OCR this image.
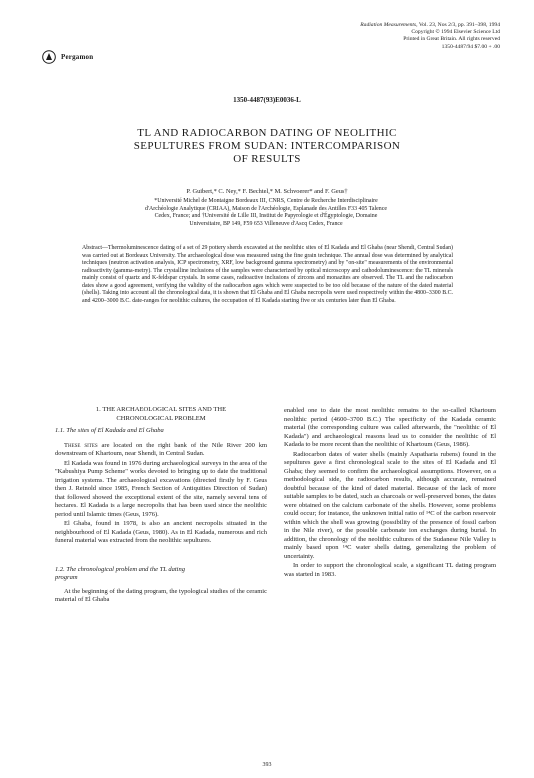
Pergamon
Radiation Measurements, Vol. 23, Nos 2/3, pp. 391–398, 1994
Copyright © 1994 Elsevier Science Ltd
Printed in Great Britain. All rights reserved
1350-4487/94 $7.00 + .00
1350-4487(93)E0036-L
TL AND RADIOCARBON DATING OF NEOLITHIC
SEPULTURES FROM SUDAN: INTERCOMPARISON
OF RESULTS
P. Guibert,* C. Ney,* F. Bechtel,* M. Schvoerer* and F. Geus†
*Université Michel de Montaigne Bordeaux III, CNRS, Centre de Recherche Interdisciplinaire
d'Archéologie Analytique (CRIAA), Maison de l'Archéologie, Esplanade des Antilles F33 405 Talence
Cedex, France; and †Université de Lille III, Institut de Papyrologie et d'Égyptologie, Domaine
Universitaire, BP 149, F59 653 Villeneuve d'Ascq Cedex, France
Abstract—Thermoluminescence dating of a set of 29 pottery sherds excavated at the neolithic sites of El Kadada and El Ghaba (near Shendi, Central Sudan) was carried out at Bordeaux University. The archaeological dose was measured using the fine grain technique. The annual dose was determined by analytical techniques (neutron activation analysis, ICP spectrometry, XRF, low background gamma spectrometry) and by "on-site" measurements of the environmental radioactivity (gamma-metry). The crystalline inclusions of the samples were characterized by optical microscopy and cathodoluminescence: the TL minerals mainly consist of quartz and K-feldspar crystals. In some cases, radioactive inclusions of zircons and monazites are observed. The TL and the radiocarbon dates show a good agreement, verifying the validity of the radiocarbon ages which were suspected to be too old because of the nature of the dated material (shells). Taking into account all the chronological data, it is shown that El Ghaba and El Ghaba necropolis were used respectively within the 4800–3300 B.C. and 4200–3000 B.C. date-ranges for neolithic cultures, the occupation of El Kadada starting five or six centuries later than El Ghaba.
1. THE ARCHAEOLOGICAL SITES AND THE
CHRONOLOGICAL PROBLEM
1.1. The sites of El Kadada and El Ghaba

These sites are located on the right bank of the Nile River 200 km downstream of Khartoum, near Shendi, in Central Sudan.

El Kadada was found in 1976 during archaeological surveys in the area of the "Kabushiya Pump Scheme" works devoted to bringing up to date the traditional irrigation systems. The archaeological excavations (directed firstly by F. Geus then J. Reinold since 1985, French Section of Antiquities Direction of Sudan) that followed showed the exceptional extent of the site, namely several tens of hectares. El Kadada is a large necropolis that has been used since the neolithic period until Islamic times (Geus, 1976).

El Ghaba, found in 1978, is also an ancient necropolis situated in the neighbourhood of El Kadada (Geus, 1980). As in El Kadada, numerous and rich funeral material was extracted from the neolithic sepultures.

1.2. The chronological problem and the TL dating
program

At the beginning of the dating program, the typological studies of the ceramic material of El Ghaba

enabled one to date the most neolithic remains to the so-called Khartoum neolithic period (4600–3700 B.C.) The specificity of the Kadada ceramic material (the corresponding culture was called afterwards, the "neolithic of El Kadada") and archaeological reasons lead us to consider the neolithic of El Kadada to be more recent than the neolithic of Khartoum (Geus, 1986).

Radiocarbon dates of water shells (mainly Aspatharia rubens) found in the sepultures gave a first chronological scale to the sites of El Kadada and El Ghaba; they seemed to confirm the archaeological assumptions. However, on a methodological side, the radiocarbon results, although accurate, remained doubtful because of the kind of dated material. Because of the lack of more suitable samples to be dated, such as charcoals or well-preserved bones, the dates were obtained on the calcium carbonate of the shells. However, some problems could occur; for instance, the unknown initial ratio of ¹⁴C of the carbon reservoir within which the shell was growing (possibility of the presence of fossil carbon in the Nile river), or the possible carbonate ion exchanges during burial. In addition, the chronology of the neolithic cultures of the Sudanese Nile Valley is mainly based upon ¹⁴C water shells dating, generalizing the problem of uncertainty.

In order to support the chronological scale, a significant TL dating program was started in 1983.

393
